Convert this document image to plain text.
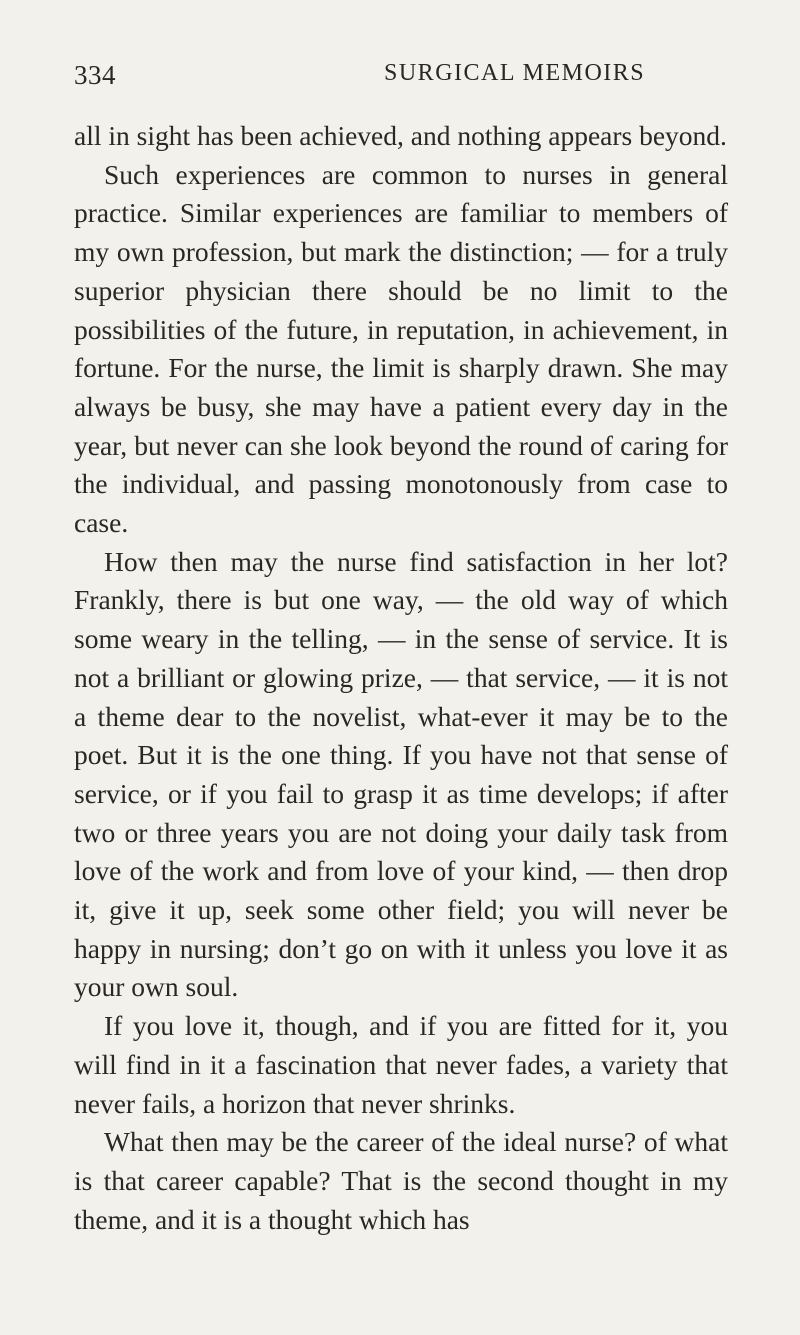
334	SURGICAL MEMOIRS

all in sight has been achieved, and nothing appears beyond.

Such experiences are common to nurses in general practice. Similar experiences are familiar to members of my own profession, but mark the distinction; — for a truly superior physician there should be no limit to the possibilities of the future, in reputation, in achievement, in fortune. For the nurse, the limit is sharply drawn. She may always be busy, she may have a patient every day in the year, but never can she look beyond the round of caring for the individual, and passing monotonously from case to case.

How then may the nurse find satisfaction in her lot? Frankly, there is but one way, — the old way of which some weary in the telling, — in the sense of service. It is not a brilliant or glowing prize, — that service, — it is not a theme dear to the novelist, what-ever it may be to the poet. But it is the one thing. If you have not that sense of service, or if you fail to grasp it as time develops; if after two or three years you are not doing your daily task from love of the work and from love of your kind, — then drop it, give it up, seek some other field; you will never be happy in nursing; don’t go on with it unless you love it as your own soul.

If you love it, though, and if you are fitted for it, you will find in it a fascination that never fades, a variety that never fails, a horizon that never shrinks.

What then may be the career of the ideal nurse? of what is that career capable? That is the second thought in my theme, and it is a thought which has
